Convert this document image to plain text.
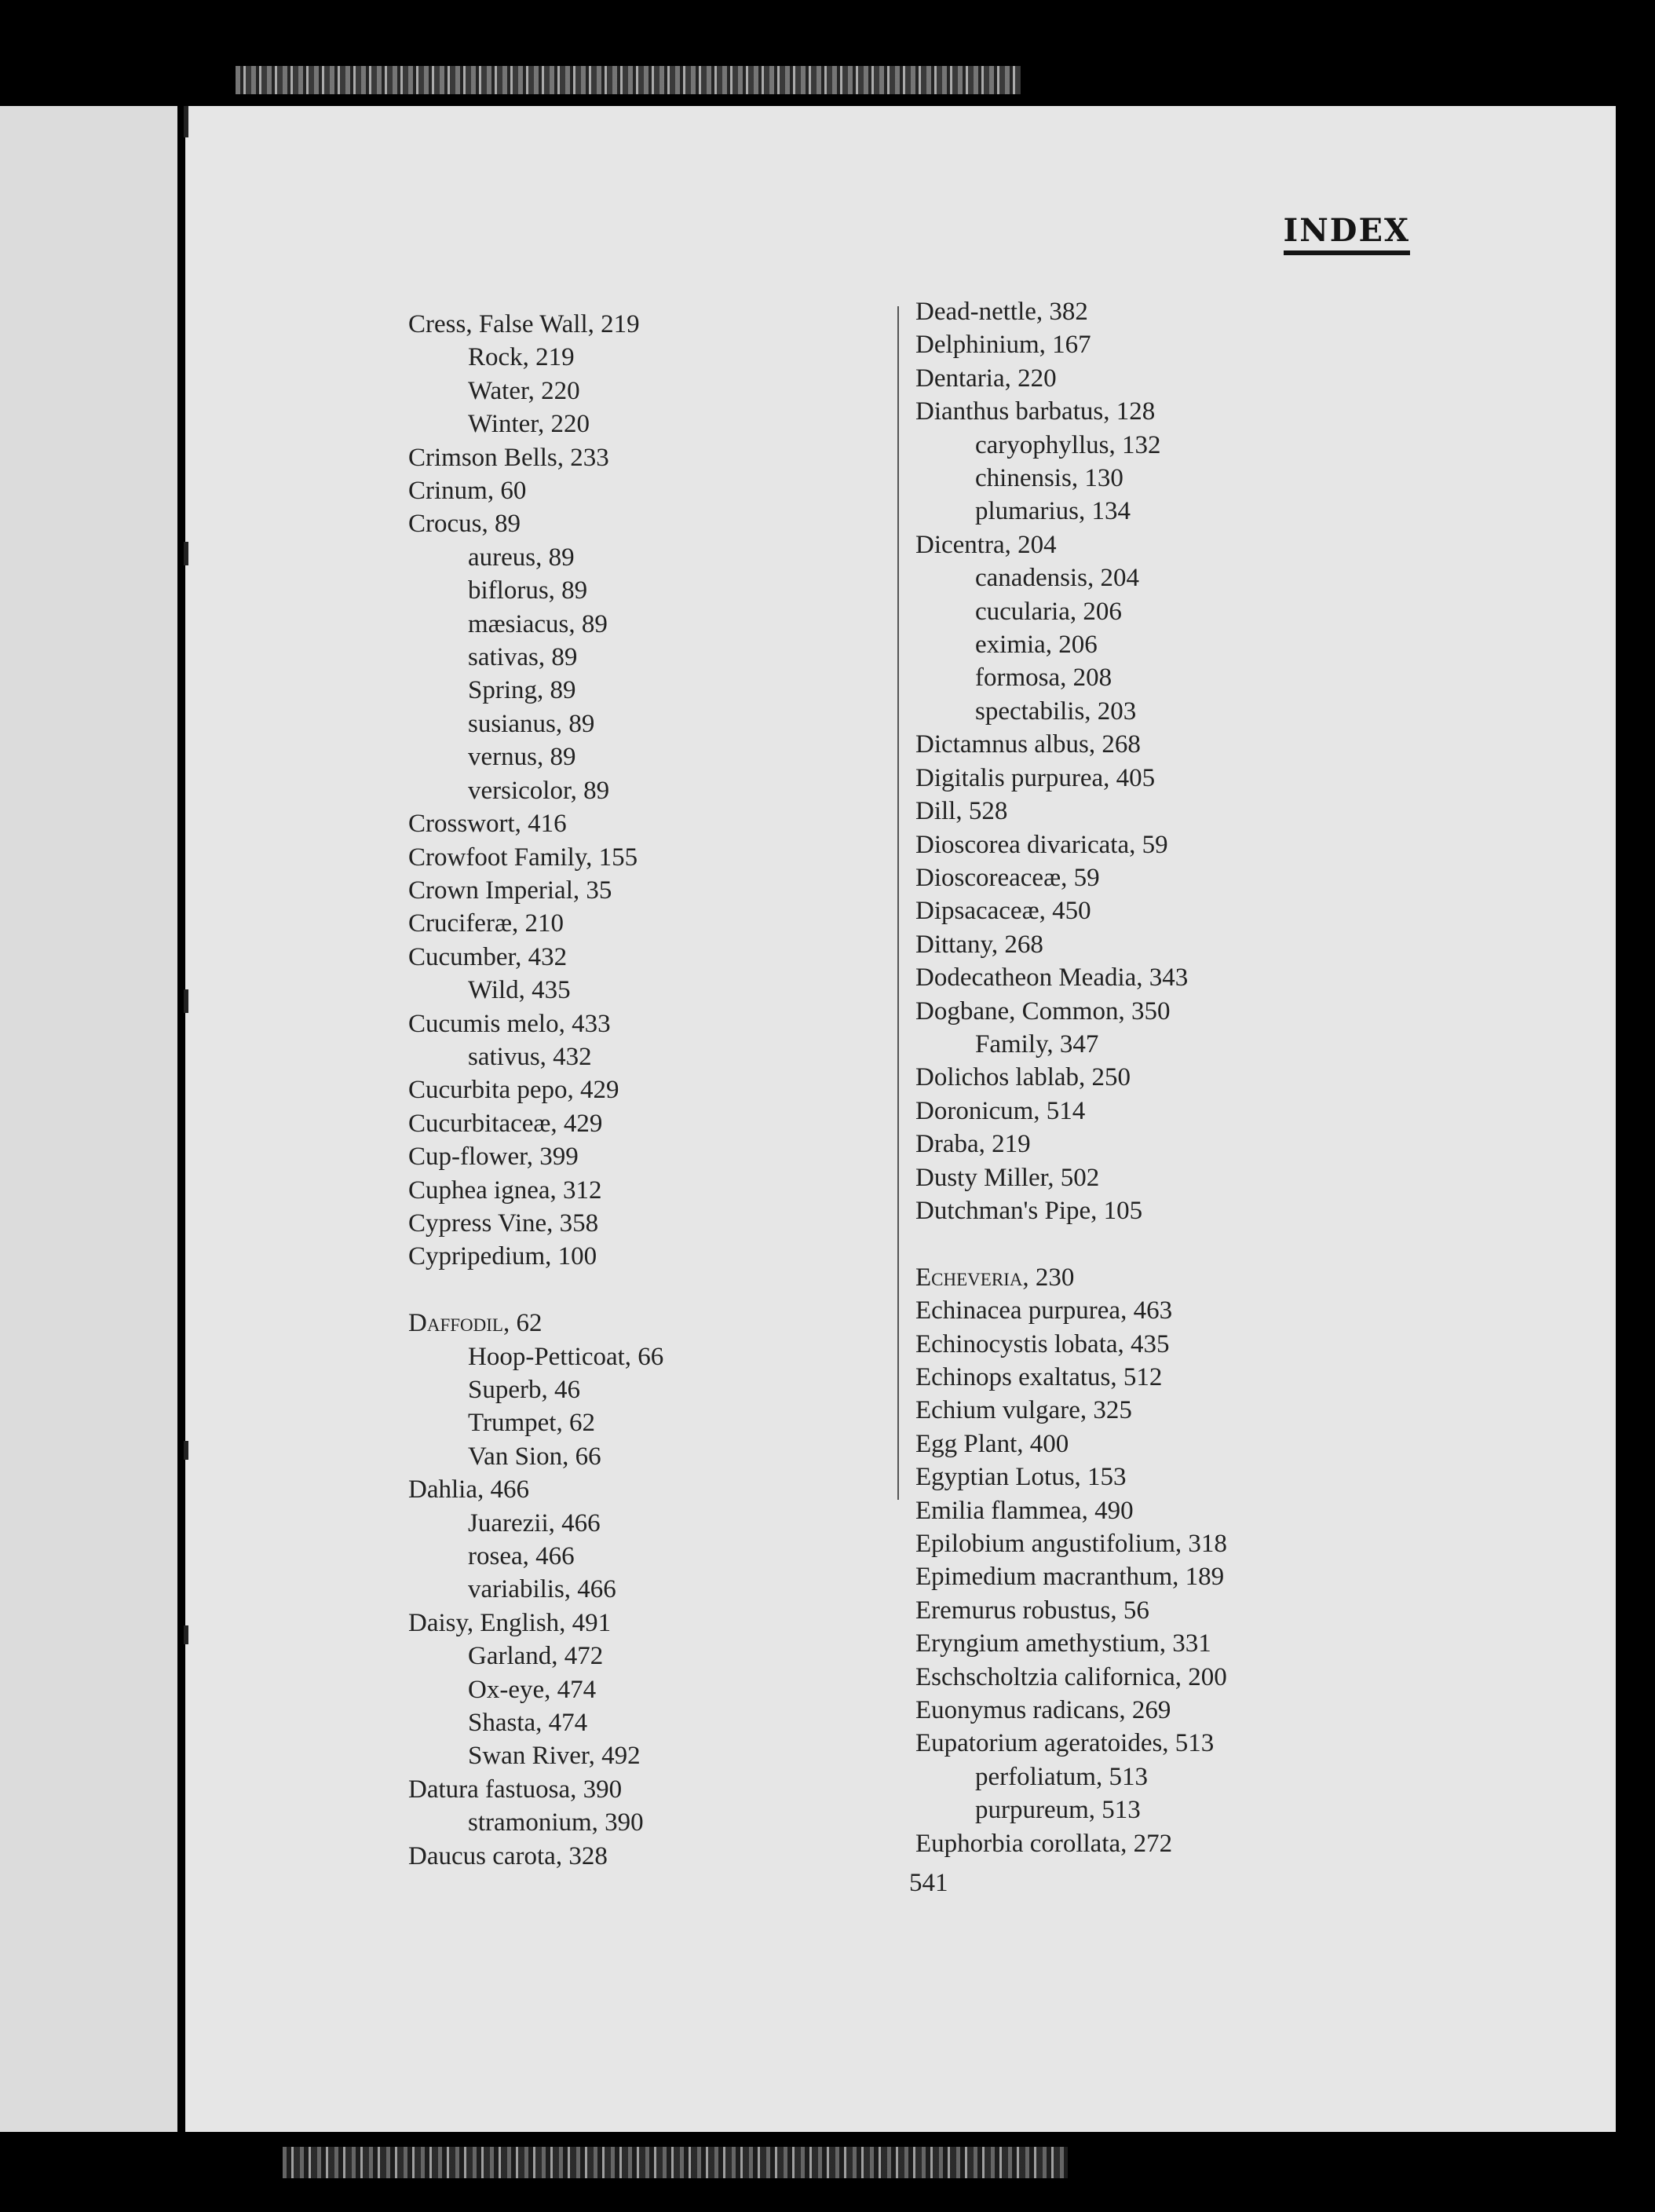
INDEX
Cress, False Wall, 219
Rock, 219
Water, 220
Winter, 220
Crimson Bells, 233
Crinum, 60
Crocus, 89
aureus, 89
biflorus, 89
mæsiacus, 89
sativas, 89
Spring, 89
susianus, 89
vernus, 89
versicolor, 89
Crosswort, 416
Crowfoot Family, 155
Crown Imperial, 35
Cruciferæ, 210
Cucumber, 432
Wild, 435
Cucumis melo, 433
sativus, 432
Cucurbita pepo, 429
Cucurbitaceæ, 429
Cup-flower, 399
Cuphea ignea, 312
Cypress Vine, 358
Cypripedium, 100
Daffodil, 62
Hoop-Petticoat, 66
Superb, 46
Trumpet, 62
Van Sion, 66
Dahlia, 466
Juarezii, 466
rosea, 466
variabilis, 466
Daisy, English, 491
Garland, 472
Ox-eye, 474
Shasta, 474
Swan River, 492
Datura fastuosa, 390
stramonium, 390
Daucus carota, 328
Dead-nettle, 382
Delphinium, 167
Dentaria, 220
Dianthus barbatus, 128
caryophyllus, 132
chinensis, 130
plumarius, 134
Dicentra, 204
canadensis, 204
cucularia, 206
eximia, 206
formosa, 208
spectabilis, 203
Dictamnus albus, 268
Digitalis purpurea, 405
Dill, 528
Dioscorea divaricata, 59
Dioscoreaceæ, 59
Dipsacaceæ, 450
Dittany, 268
Dodecatheon Meadia, 343
Dogbane, Common, 350
Family, 347
Dolichos lablab, 250
Doronicum, 514
Draba, 219
Dusty Miller, 502
Dutchman's Pipe, 105
Echeveria, 230
Echinacea purpurea, 463
Echinocystis lobata, 435
Echinops exaltatus, 512
Echium vulgare, 325
Egg Plant, 400
Egyptian Lotus, 153
Emilia flammea, 490
Epilobium angustifolium, 318
Epimedium macranthum, 189
Eremurus robustus, 56
Eryngium amethystium, 331
Eschscholtzia californica, 200
Euonymus radicans, 269
Eupatorium ageratoides, 513
perfoliatum, 513
purpureum, 513
Euphorbia corollata, 272
541
